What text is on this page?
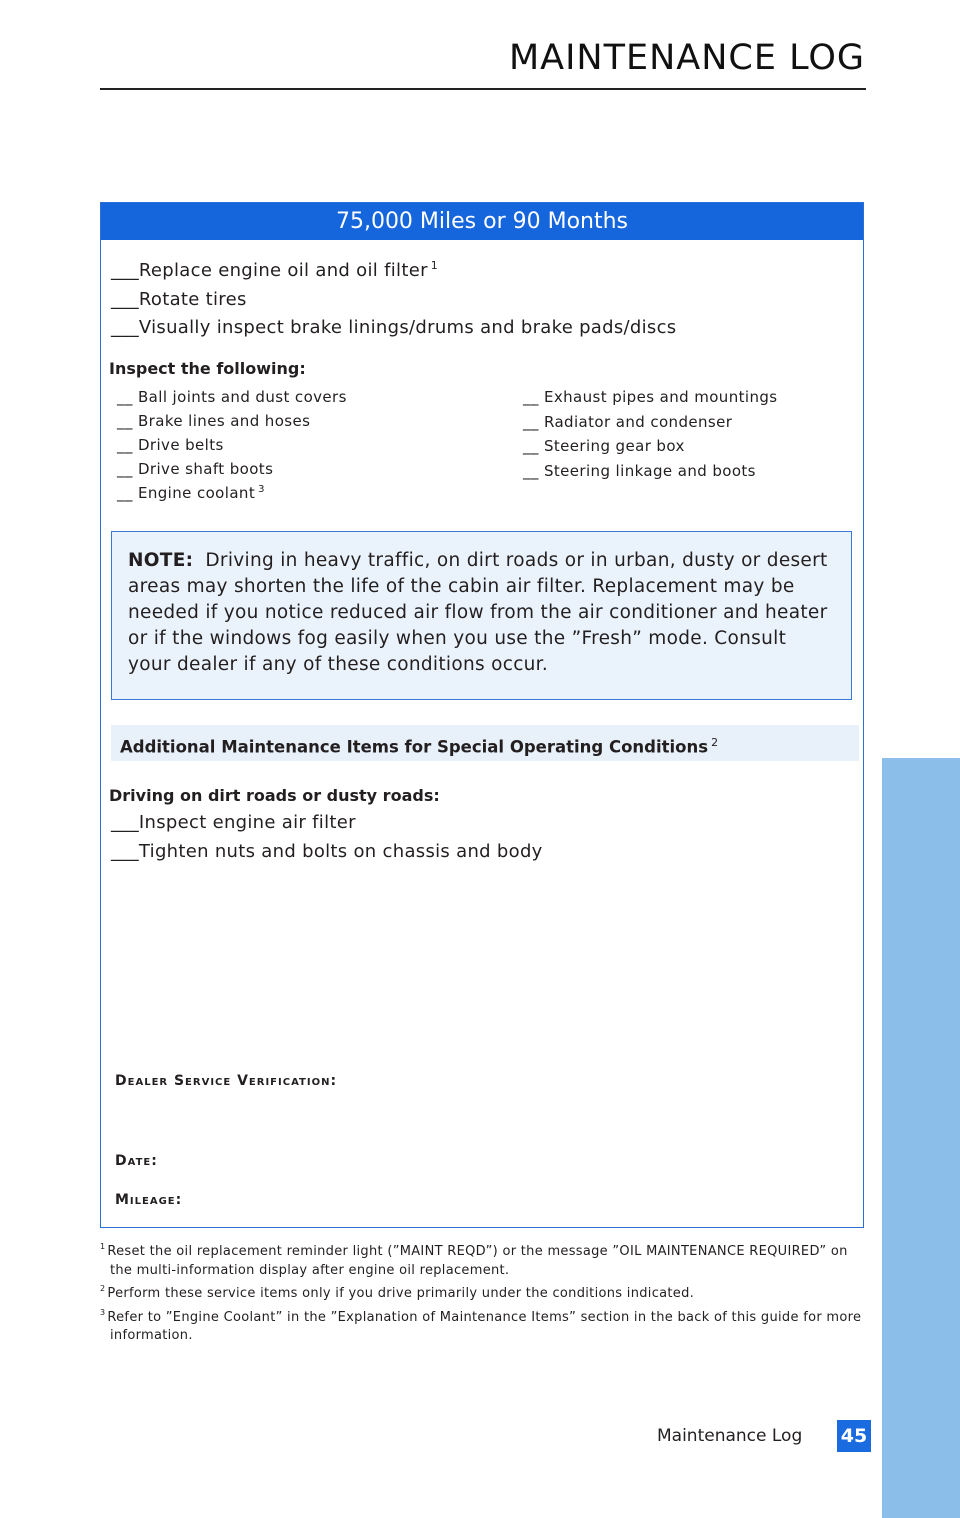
MAINTENANCE LOG
MAINTENANCE
75,000 Miles or 90 Months
___Replace engine oil and oil filter $^1$
___Rotate tires
___Visually inspect brake linings/drums and brake pads/discs
Inspect the following:
__ Ball joints and dust covers
__ Brake lines and hoses
__ Drive belts
__ Drive shaft boots
__ Engine coolant $^3$
__ Exhaust pipes and mountings
__ Radiator and condenser
__ Steering gear box
__ Steering linkage and boots
NOTE: Driving in heavy traffic, on dirt roads or in urban, dusty or desert areas may shorten the life of the cabin air filter. Replacement may be needed if you notice reduced air flow from the air conditioner and heater or if the windows fog easily when you use the ”Fresh” mode. Consult your dealer if any of these conditions occur.
Additional Maintenance Items for Special Operating Conditions $^2$
Driving on dirt roads or dusty roads:
___Inspect engine air filter
___Tighten nuts and bolts on chassis and body
Dealer Service Verification:
Date:
Mileage:
$^1$ Reset the oil replacement reminder light (”MAINT REQD”) or the message ”OIL MAINTENANCE REQUIRED” on the multi-information display after engine oil replacement.
$^2$ Perform these service items only if you drive primarily under the conditions indicated.
$^3$ Refer to ”Engine Coolant” in the ”Explanation of Maintenance Items” section in the back of this guide for more information.
Maintenance Log 45
